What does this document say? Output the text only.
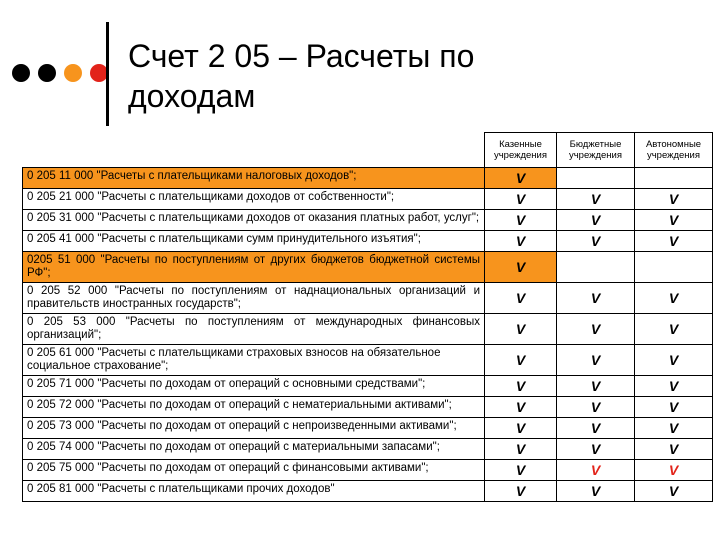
Счет 2 05 – Расчеты по
доходам
	Казенные учреждения	Бюджетные учреждения	Автономные учреждения
0 205 11 000 "Расчеты с плательщиками налоговых доходов";	V		
0 205 21 000 "Расчеты с плательщиками доходов от собственности";	V	V	V
0 205 31 000 "Расчеты с плательщиками доходов от оказания платных работ, услуг";	V	V	V
0 205 41 000 "Расчеты с плательщиками сумм принудительного изъятия";	V	V	V
0205 51 000 "Расчеты по поступлениям от других бюджетов бюджетной системы РФ";	V		
0 205 52 000 "Расчеты по поступлениям от наднациональных организаций и правительств иностранных государств";	V	V	V
0 205 53 000 "Расчеты по поступлениям от международных финансовых организаций";	V	V	V
0 205 61 000 "Расчеты с плательщиками страховых взносов на обязательное социальное страхование";	V	V	V
0 205 71 000 "Расчеты по доходам от операций с основными средствами";	V	V	V
0 205 72 000 "Расчеты по доходам от операций с нематериальными активами";	V	V	V
0 205 73 000 "Расчеты по доходам от операций с непроизведенными активами";	V	V	V
0 205 74 000 "Расчеты по доходам от операций с материальными запасами";	V	V	V
0 205 75 000 "Расчеты по доходам от операций с финансовыми активами";	V	V	V
0 205 81 000 "Расчеты с плательщиками прочих доходов"	V	V	V
